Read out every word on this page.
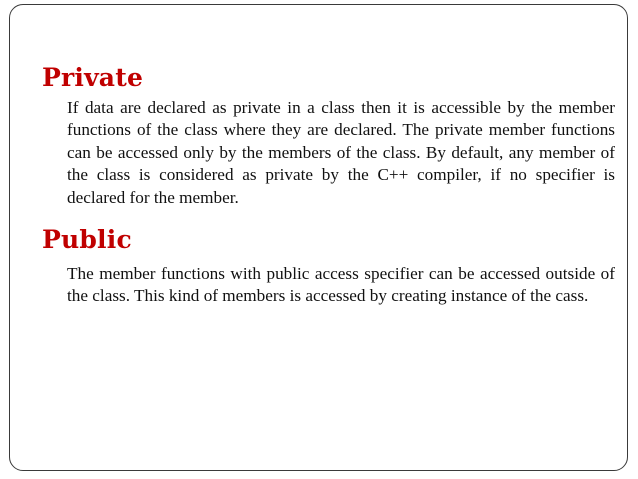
Private

If data are declared as private in a class then it is accessible by the member functions of the class where they are declared. The private member functions can be accessed only by the members of the class. By default, any member of the class is considered as private by the C++ compiler, if no specifier is declared for the member.

Public

The member functions with public access specifier can be accessed outside of the class. This kind of members is accessed by creating instance of the cass.
